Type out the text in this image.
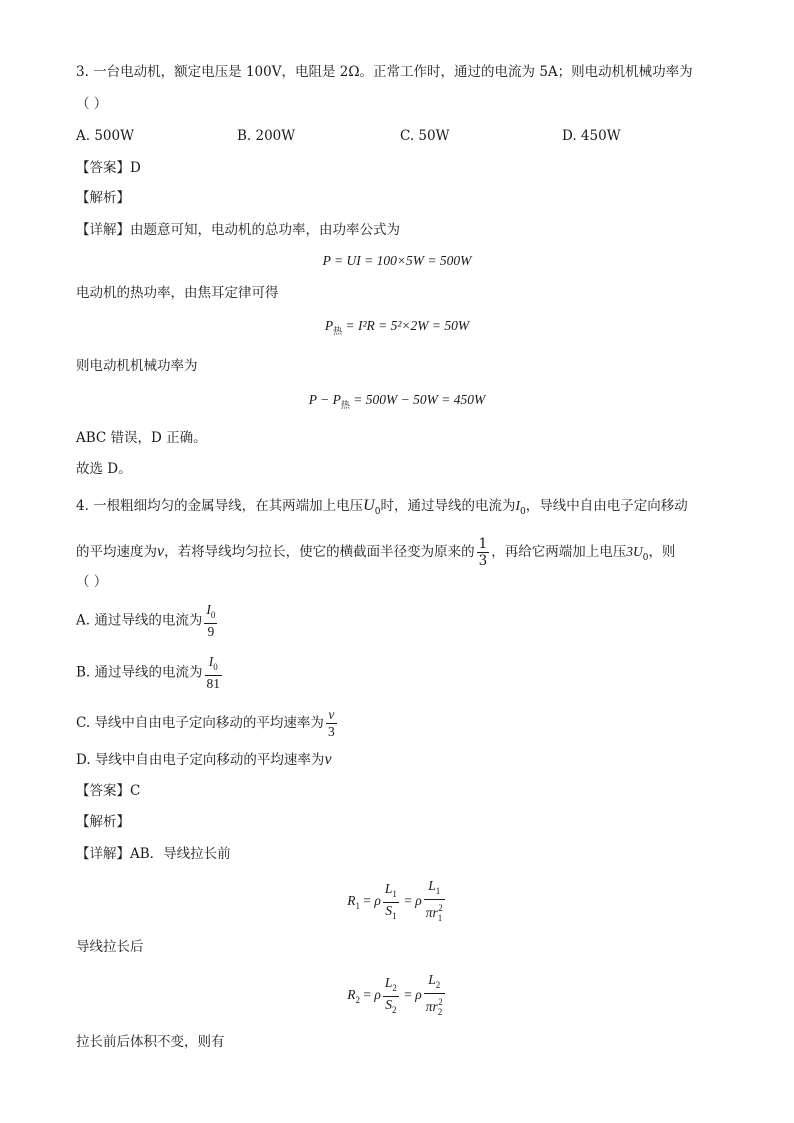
3. 一台电动机，额定电压是 100V，电阻是 2Ω。正常工作时，通过的电流为 5A；则电动机机械功率为
（ ）
A. 500W	B. 200W	C. 50W	D. 450W
【答案】D
【解析】
【详解】由题意可知，电动机的总功率，由功率公式为
P = UI = 100×5W = 500W
电动机的热功率，由焦耳定律可得
$P_热 = I^2R = 5^2\times 2W = 50W$
则电动机机械功率为
$P - P_热 = 500W - 50W = 450W$
ABC 错误，D 正确。
故选 D。
4. 一根粗细均匀的金属导线，在其两端加上电压$U_0$时，通过导线的电流为$I_0$，导线中自由电子定向移动
的平均速度为v，若将导线均匀拉长，使它的横截面半径变为原来的 $\frac{1}{3}$ ，再给它两端加上电压$3U_0$，则
（ ）
A. 通过导线的电流为 $\frac{I_0}{9}$
B. 通过导线的电流为 $\frac{I_0}{81}$
C. 导线中自由电子定向移动的平均速率为 $\frac{v}{3}$
D. 导线中自由电子定向移动的平均速率为v
【答案】C
【解析】
【详解】AB．导线拉长前
$R_1 = \rho \frac{L_1}{S_1} = \rho \frac{L_1}{\pi r_1^2}$
导线拉长后
$R_2 = \rho \frac{L_2}{S_2} = \rho \frac{L_2}{\pi r_2^2}$
拉长前后体积不变，则有
